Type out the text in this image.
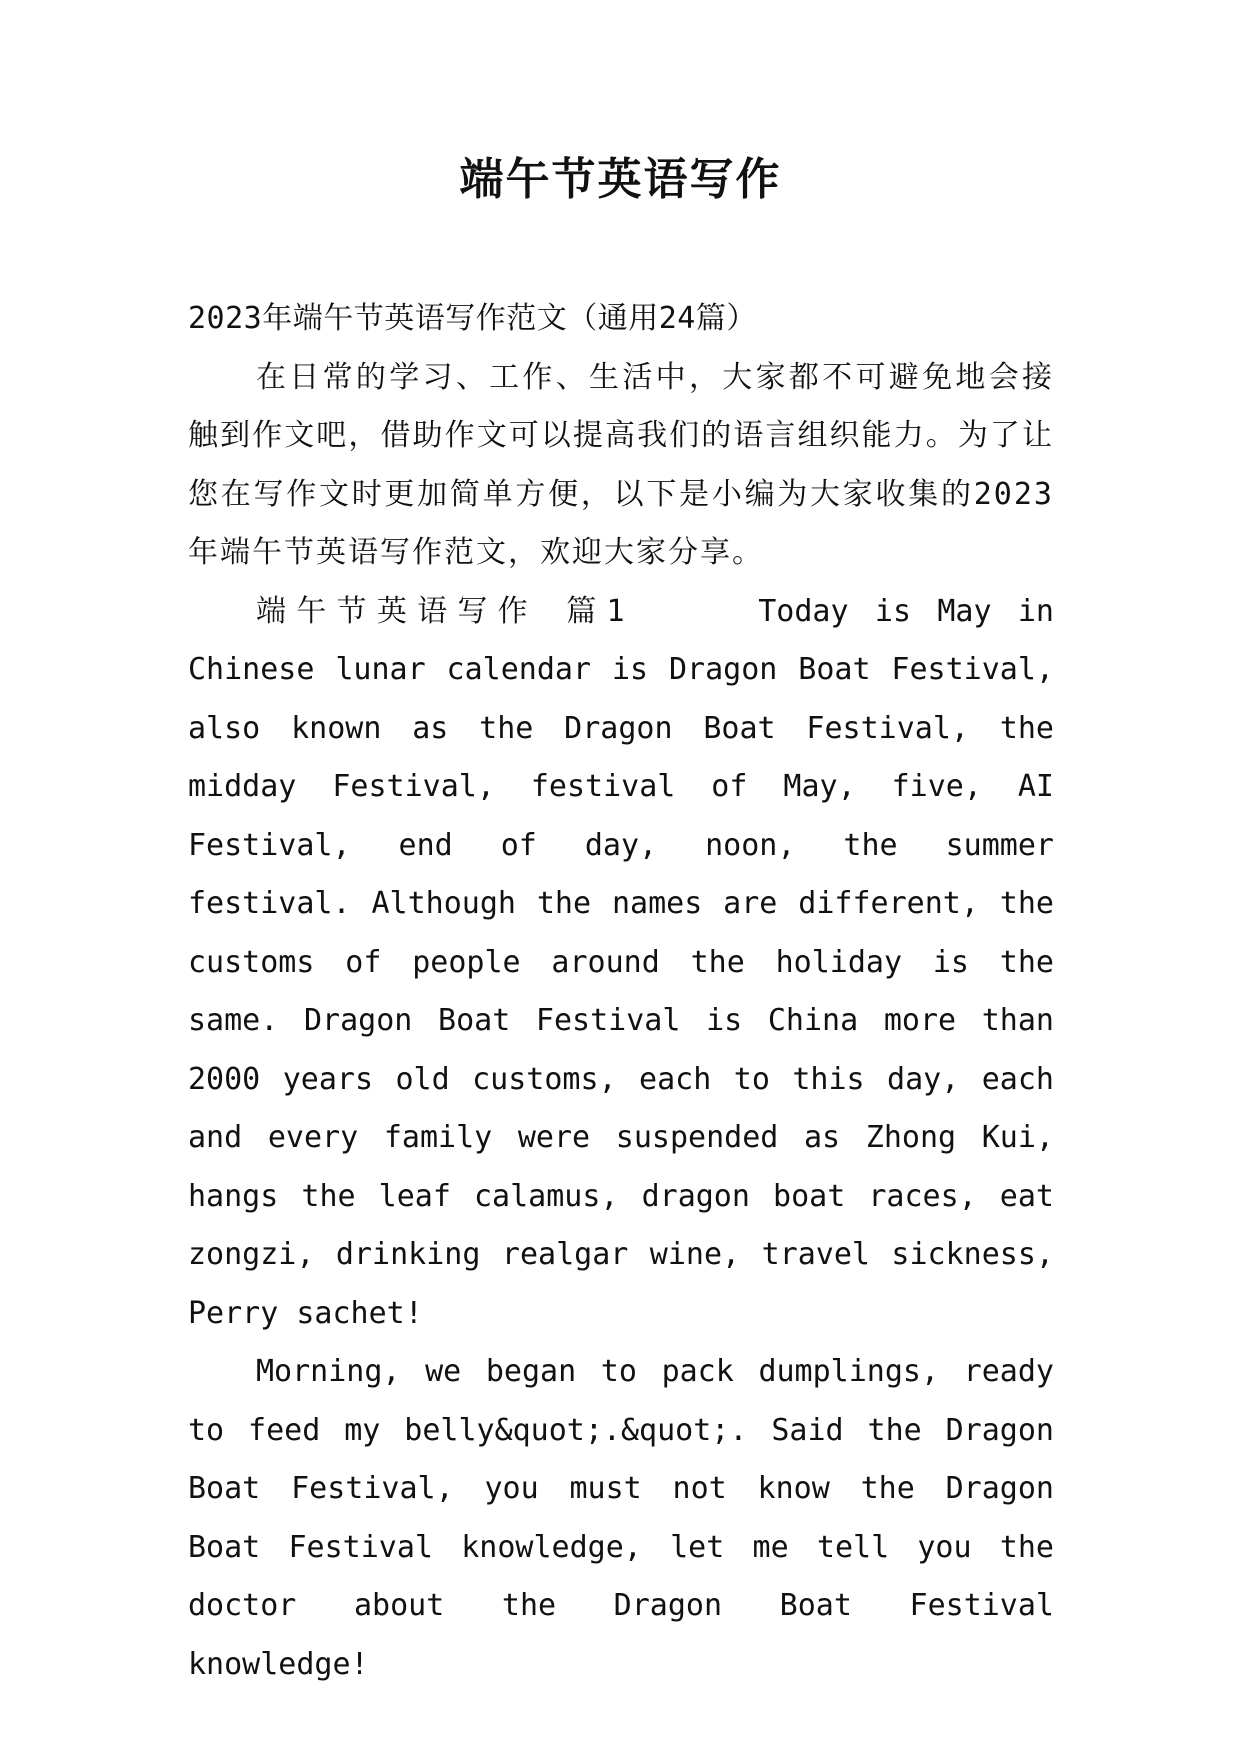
端午节英语写作

2023年端午节英语写作范文（通用24篇）

在日常的学习、工作、生活中，大家都不可避免地会接触到作文吧，借助作文可以提高我们的语言组织能力。为了让您在写作文时更加简单方便，以下是小编为大家收集的2023年端午节英语写作范文，欢迎大家分享。

端午节英语写作 篇1	Today is May in Chinese lunar calendar is Dragon Boat Festival, also known as the Dragon Boat Festival, the midday Festival, festival of May, five, AI Festival, end of day, noon, the summer festival. Although the names are different, the customs of people around the holiday is the same. Dragon Boat Festival is China more than 2000 years old customs, each to this day, each and every family were suspended as Zhong Kui, hangs the leaf calamus, dragon boat races, eat zongzi, drinking realgar wine, travel sickness, Perry sachet!

Morning, we began to pack dumplings, ready to feed my belly&quot;.&quot;. Said the Dragon Boat Festival, you must not know the Dragon Boat Festival knowledge, let me tell you the doctor about the Dragon Boat Festival knowledge!
